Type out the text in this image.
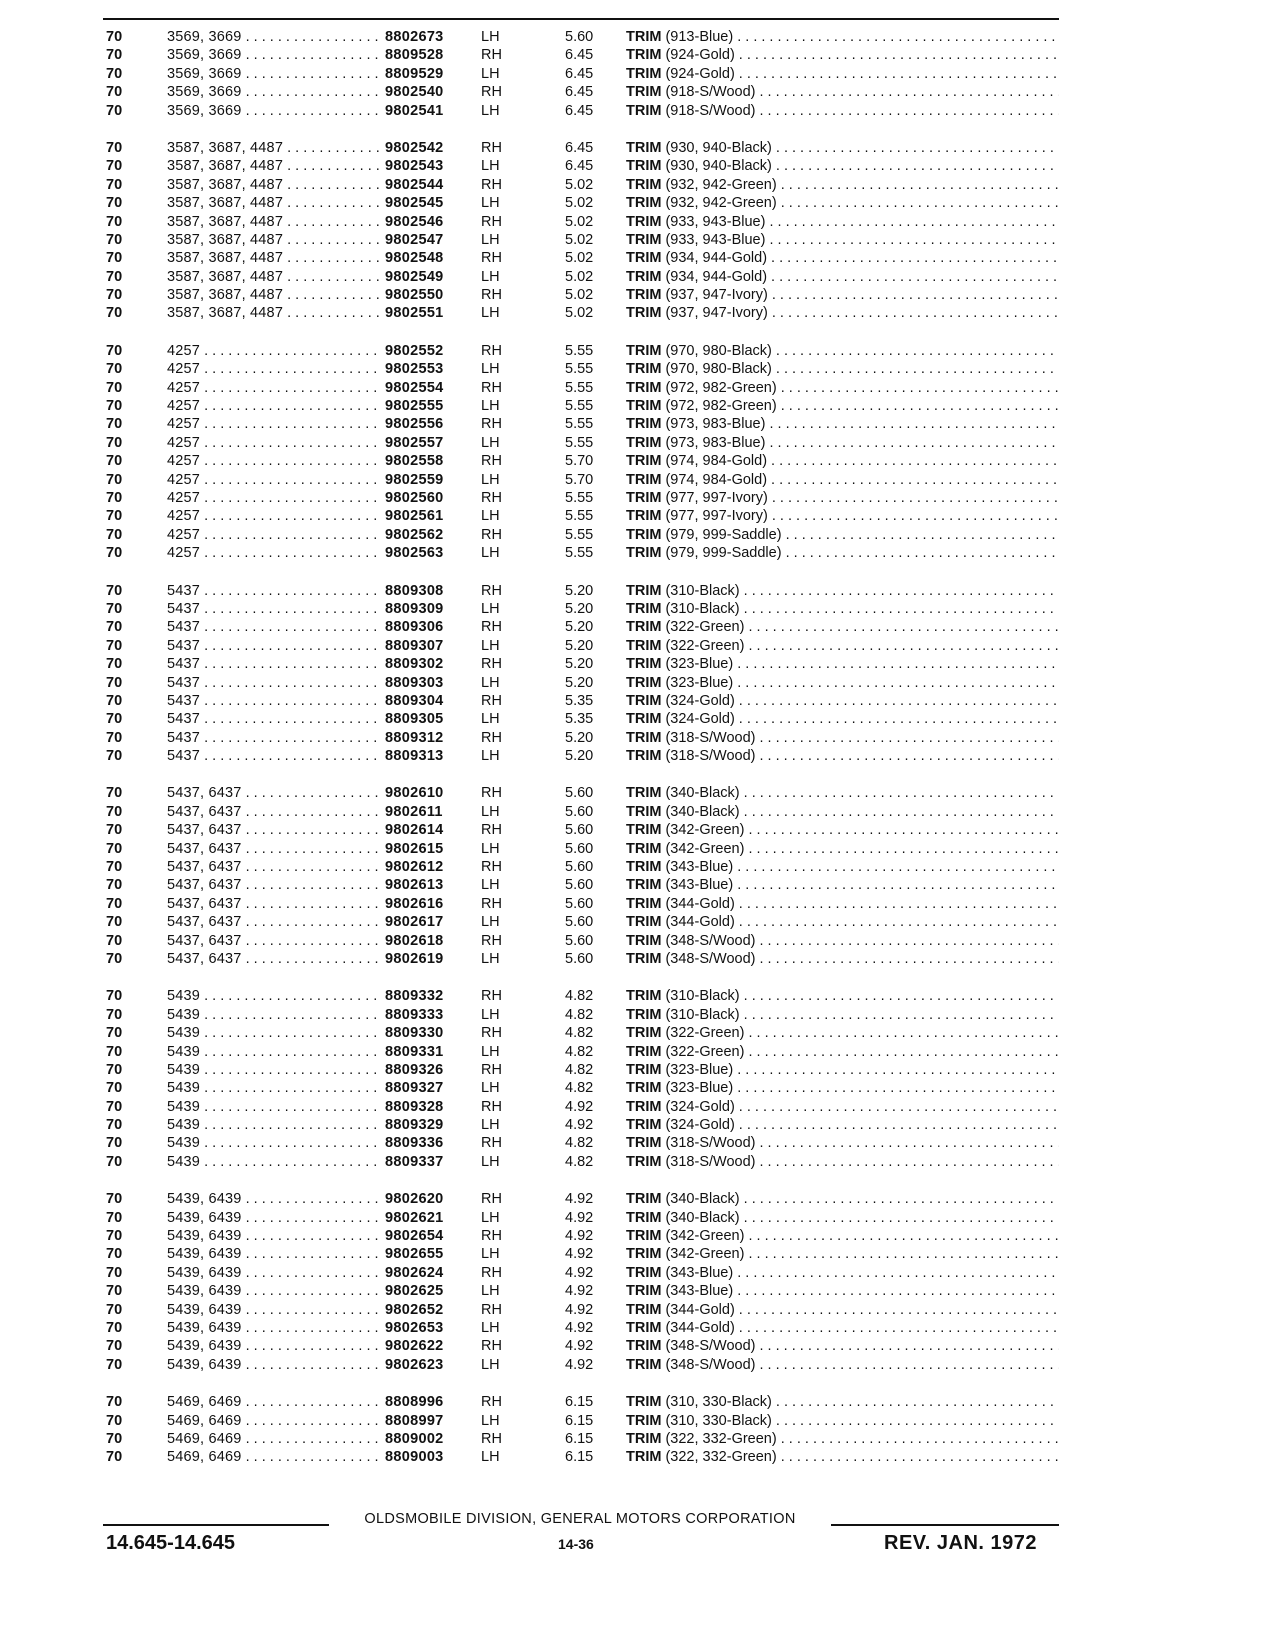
70	3569, 3669 . . .	8802673	LH	5.60 TRIM (913-Blue) . . .
70	3569, 3669 . . .	8809528	RH	6.45 TRIM (924-Gold) . . .
70	3569, 3669 . . .	8809529	LH	6.45 TRIM (924-Gold) . . .
70	3569, 3669 . . .	9802540	RH	6.45 TRIM (918-S/Wood) . . .
70	3569, 3669 . . .	9802541	LH	6.45 TRIM (918-S/Wood) . . .
70	3587, 3687, 4487 . . .	9802542	RH	6.45 TRIM (930, 940-Black) . . .
70	3587, 3687, 4487 . . .	9802543	LH	6.45 TRIM (930, 940-Black) . . .
70	3587, 3687, 4487 . . .	9802544	RH	5.02 TRIM (932, 942-Green) . . .
70	3587, 3687, 4487 . . .	9802545	LH	5.02 TRIM (932, 942-Green) . . .
70	3587, 3687, 4487 . . .	9802546	RH	5.02 TRIM (933, 943-Blue) . . .
70	3587, 3687, 4487 . . .	9802547	LH	5.02 TRIM (933, 943-Blue) . . .
70	3587, 3687, 4487 . . .	9802548	RH	5.02 TRIM (934, 944-Gold) . . .
70	3587, 3687, 4487 . . .	9802549	LH	5.02 TRIM (934, 944-Gold) . . .
70	3587, 3687, 4487 . . .	9802550	RH	5.02 TRIM (937, 947-Ivory) . . .
70	3587, 3687, 4487 . . .	9802551	LH	5.02 TRIM (937, 947-Ivory) . . .
70	4257 . . .	9802552	RH	5.55 TRIM (970, 980-Black) . . .
70	4257 . . .	9802553	LH	5.55 TRIM (970, 980-Black) . . .
70	4257 . . .	9802554	RH	5.55 TRIM (972, 982-Green) . . .
70	4257 . . .	9802555	LH	5.55 TRIM (972, 982-Green) . . .
70	4257 . . .	9802556	RH	5.55 TRIM (973, 983-Blue) . . .
70	4257 . . .	9802557	LH	5.55 TRIM (973, 983-Blue) . . .
70	4257 . . .	9802558	RH	5.70 TRIM (974, 984-Gold) . . .
70	4257 . . .	9802559	LH	5.70 TRIM (974, 984-Gold) . . .
70	4257 . . .	9802560	RH	5.55 TRIM (977, 997-Ivory) . . .
70	4257 . . .	9802561	LH	5.55 TRIM (977, 997-Ivory) . . .
70	4257 . . .	9802562	RH	5.55 TRIM (979, 999-Saddle) . . .
70	4257 . . .	9802563	LH	5.55 TRIM (979, 999-Saddle) . . .
70	5437 . . .	8809308	RH	5.20 TRIM (310-Black) . . .
70	5437 . . .	8809309	LH	5.20 TRIM (310-Black) . . .
70	5437 . . .	8809306	RH	5.20 TRIM (322-Green) . . .
70	5437 . . .	8809307	LH	5.20 TRIM (322-Green) . . .
70	5437 . . .	8809302	RH	5.20 TRIM (323-Blue) . . .
70	5437 . . .	8809303	LH	5.20 TRIM (323-Blue) . . .
70	5437 . . .	8809304	RH	5.35 TRIM (324-Gold) . . .
70	5437 . . .	8809305	LH	5.35 TRIM (324-Gold) . . .
70	5437 . . .	8809312	RH	5.20 TRIM (318-S/Wood) . . .
70	5437 . . .	8809313	LH	5.20 TRIM (318-S/Wood) . . .
70	5437, 6437 . . .	9802610	RH	5.60 TRIM (340-Black) . . .
70	5437, 6437 . . .	9802611	LH	5.60 TRIM (340-Black) . . .
70	5437, 6437 . . .	9802614	RH	5.60 TRIM (342-Green) . . .
70	5437, 6437 . . .	9802615	LH	5.60 TRIM (342-Green) . . .
70	5437, 6437 . . .	9802612	RH	5.60 TRIM (343-Blue) . . .
70	5437, 6437 . . .	9802613	LH	5.60 TRIM (343-Blue) . . .
70	5437, 6437 . . .	9802616	RH	5.60 TRIM (344-Gold) . . .
70	5437, 6437 . . .	9802617	LH	5.60 TRIM (344-Gold) . . .
70	5437, 6437 . . .	9802618	RH	5.60 TRIM (348-S/Wood) . . .
70	5437, 6437 . . .	9802619	LH	5.60 TRIM (348-S/Wood) . . .
70	5439 . . .	8809332	RH	4.82 TRIM (310-Black) . . .
70	5439 . . .	8809333	LH	4.82 TRIM (310-Black) . . .
70	5439 . . .	8809330	RH	4.82 TRIM (322-Green) . . .
70	5439 . . .	8809331	LH	4.82 TRIM (322-Green) . . .
70	5439 . . .	8809326	RH	4.82 TRIM (323-Blue) . . .
70	5439 . . .	8809327	LH	4.82 TRIM (323-Blue) . . .
70	5439 . . .	8809328	RH	4.92 TRIM (324-Gold) . . .
70	5439 . . .	8809329	LH	4.92 TRIM (324-Gold) . . .
70	5439 . . .	8809336	RH	4.82 TRIM (318-S/Wood) . . .
70	5439 . . .	8809337	LH	4.82 TRIM (318-S/Wood) . . .
70	5439, 6439 . . .	9802620	RH	4.92 TRIM (340-Black) . . .
70	5439, 6439 . . .	9802621	LH	4.92 TRIM (340-Black) . . .
70	5439, 6439 . . .	9802654	RH	4.92 TRIM (342-Green) . . .
70	5439, 6439 . . .	9802655	LH	4.92 TRIM (342-Green) . . .
70	5439, 6439 . . .	9802624	RH	4.92 TRIM (343-Blue) . . .
70	5439, 6439 . . .	9802625	LH	4.92 TRIM (343-Blue) . . .
70	5439, 6439 . . .	9802652	RH	4.92 TRIM (344-Gold) . . .
70	5439, 6439 . . .	9802653	LH	4.92 TRIM (344-Gold) . . .
70	5439, 6439 . . .	9802622	RH	4.92 TRIM (348-S/Wood) . . .
70	5439, 6439 . . .	9802623	LH	4.92 TRIM (348-S/Wood) . . .
70	5469, 6469 . . .	8808996	RH	6.15 TRIM (310, 330-Black) . . .
70	5469, 6469 . . .	8808997	LH	6.15 TRIM (310, 330-Black) . . .
70	5469, 6469 . . .	8809002	RH	6.15 TRIM (322, 332-Green) . . .
70	5469, 6469 . . .	8809003	LH	6.15 TRIM (322, 332-Green) . . .
OLDSMOBILE DIVISION, GENERAL MOTORS CORPORATION
14.645-14.645	14-36	REV. JAN. 1972
